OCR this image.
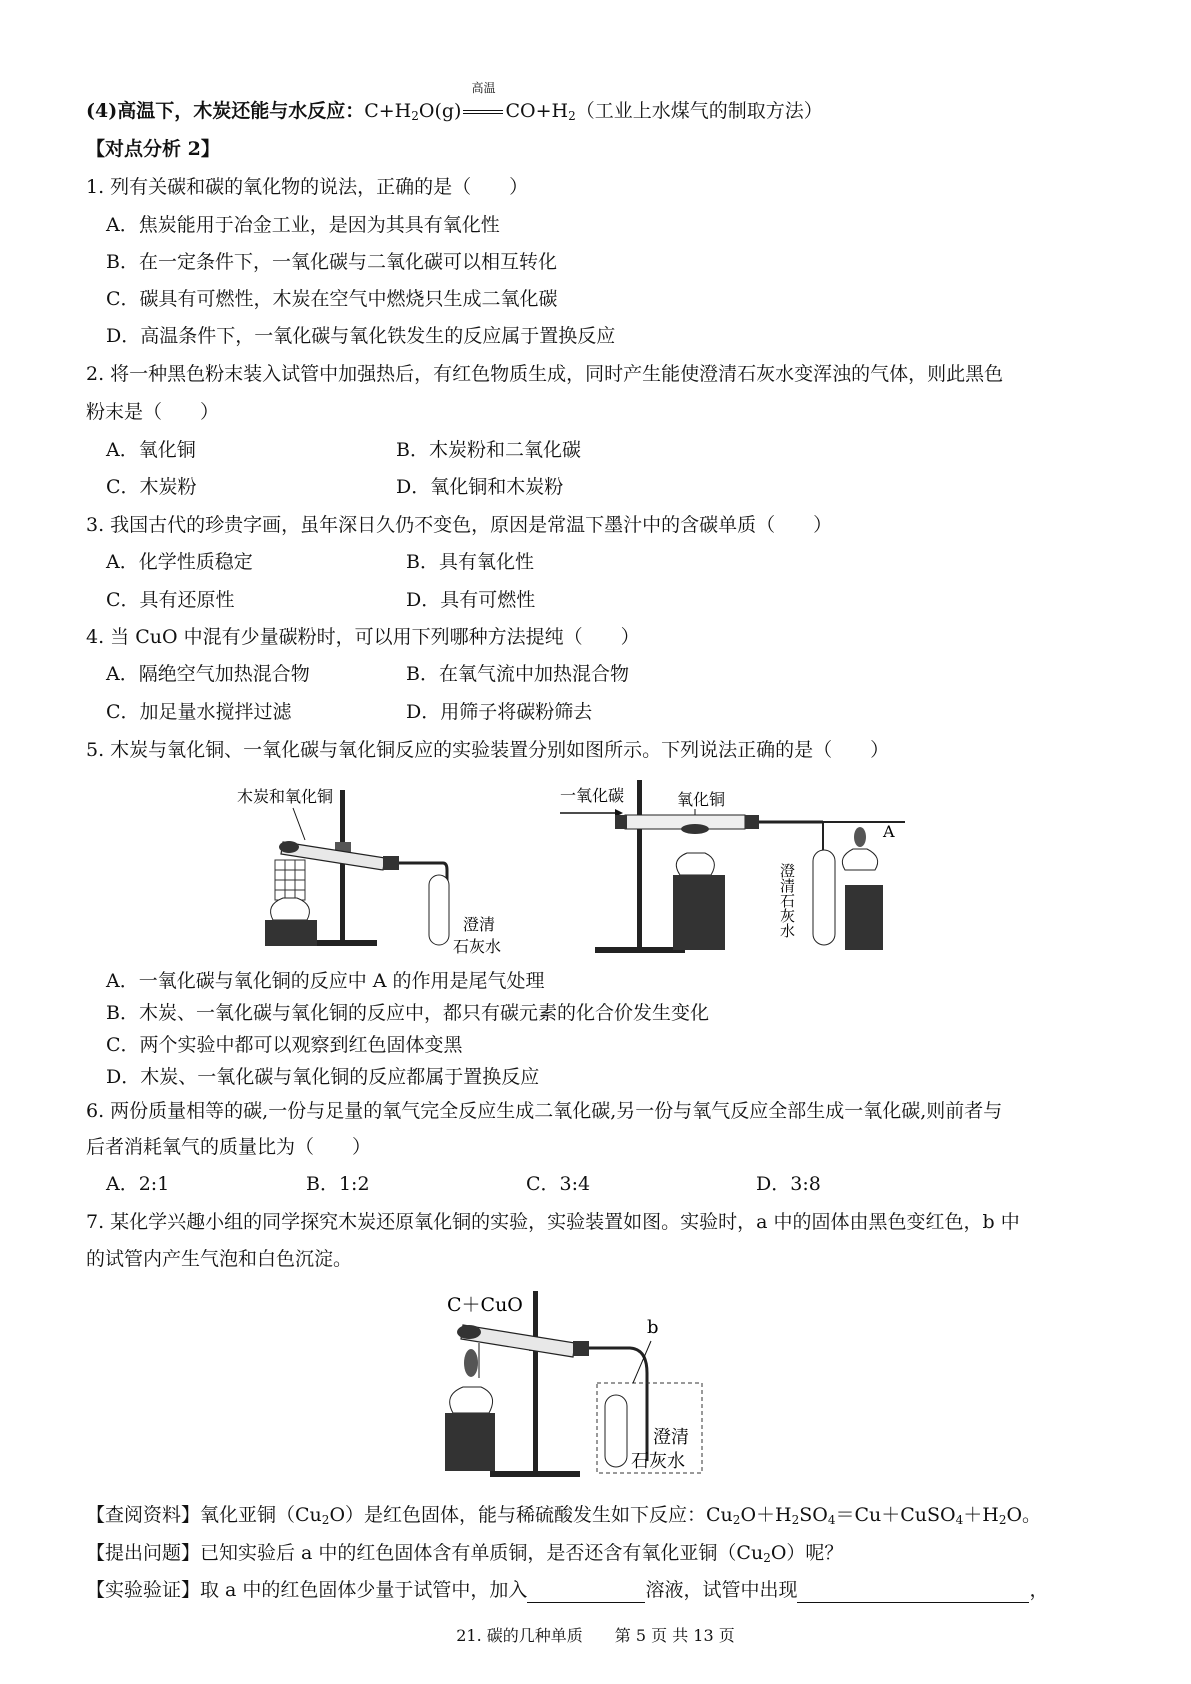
(4)高温下，木炭还能与水反应：$C+H_2O(g)$
高温
$CO+H_2$（工业上水煤气的制取方法）
【对点分析 2】
1. 列有关碳和碳的氧化物的说法，正确的是（　　）
A．焦炭能用于冶金工业，是因为其具有氧化性
B．在一定条件下，一氧化碳与二氧化碳可以相互转化
C．碳具有可燃性，木炭在空气中燃烧只生成二氧化碳
D．高温条件下，一氧化碳与氧化铁发生的反应属于置换反应
2. 将一种黑色粉末装入试管中加强热后，有红色物质生成，同时产生能使澄清石灰水变浑浊的气体，则此黑色
粉末是（　　）
A．氧化铜	B．木炭粉和二氧化碳
C．木炭粉	D．氧化铜和木炭粉
3. 我国古代的珍贵字画，虽年深日久仍不变色，原因是常温下墨汁中的含碳单质（　　）
A．化学性质稳定	B．具有氧化性
C．具有还原性	D．具有可燃性
4. 当 CuO 中混有少量碳粉时，可以用下列哪种方法提纯（　　）
A．隔绝空气加热混合物	B．在氧气流中加热混合物
C．加足量水搅拌过滤	D．用筛子将碳粉筛去
5. 木炭与氧化铜、一氧化碳与氧化铜反应的实验装置分别如图所示。下列说法正确的是（　　）
木炭和氧化铜
澄清
石灰水
一氧化碳	氧化铜
澄清石灰水
A
A．一氧化碳与氧化铜的反应中 A 的作用是尾气处理
B．木炭、一氧化碳与氧化铜的反应中，都只有碳元素的化合价发生变化
C．两个实验中都可以观察到红色固体变黑
D．木炭、一氧化碳与氧化铜的反应都属于置换反应
6. 两份质量相等的碳,一份与足量的氧气完全反应生成二氧化碳,另一份与氧气反应全部生成一氧化碳,则前者与
后者消耗氧气的质量比为（　　）
A．2:1	B．1:2	C．3:4	D．3:8
7. 某化学兴趣小组的同学探究木炭还原氧化铜的实验，实验装置如图。实验时，a 中的固体由黑色变红色，b 中
的试管内产生气泡和白色沉淀。
C＋CuO
b
澄清
石灰水
【查阅资料】氧化亚铜$(Cu_2O)$是红色固体，能与稀硫酸发生如下反应：$Cu_2O+H_2SO_4=Cu+CuSO_4+H_2O$。
【提出问题】已知实验后 a 中的红色固体含有单质铜，是否还含有氧化亚铜$(Cu_2O)$呢？
【实验验证】取 a 中的红色固体少量于试管中，加入	溶液，试管中出现	，
21. 碳的几种单质　　第 5 页 共 13 页
